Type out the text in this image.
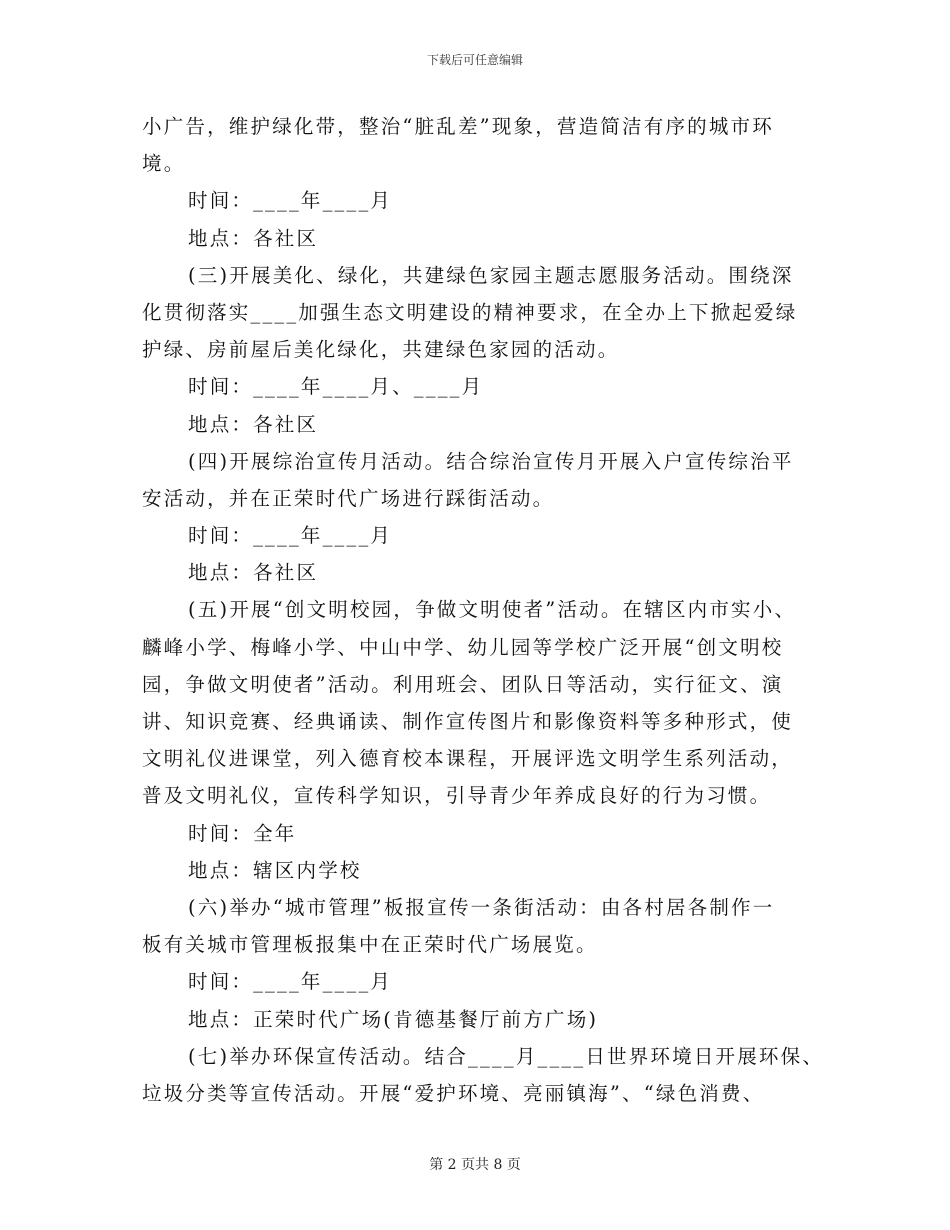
下载后可任意编辑
小广告，维护绿化带，整治“脏乱差”现象，营造简洁有序的城市环
境。
时间：____年____月
地点：各社区
(三)开展美化、绿化，共建绿色家园主题志愿服务活动。围绕深
化贯彻落实____加强生态文明建设的精神要求，在全办上下掀起爱绿
护绿、房前屋后美化绿化，共建绿色家园的活动。
时间：____年____月、____月
地点：各社区
(四)开展综治宣传月活动。结合综治宣传月开展入户宣传综治平
安活动，并在正荣时代广场进行踩街活动。
时间：____年____月
地点：各社区
(五)开展“创文明校园，争做文明使者”活动。在辖区内市实小、
麟峰小学、梅峰小学、中山中学、幼儿园等学校广泛开展“创文明校
园，争做文明使者”活动。利用班会、团队日等活动，实行征文、演
讲、知识竞赛、经典诵读、制作宣传图片和影像资料等多种形式，使
文明礼仪进课堂，列入德育校本课程，开展评选文明学生系列活动，
普及文明礼仪，宣传科学知识，引导青少年养成良好的行为习惯。
时间：全年
地点：辖区内学校
(六)举办“城市管理”板报宣传一条街活动：由各村居各制作一
板有关城市管理板报集中在正荣时代广场展览。
时间：____年____月
地点：正荣时代广场(肯德基餐厅前方广场)
(七)举办环保宣传活动。结合____月____日世界环境日开展环保、
垃圾分类等宣传活动。开展“爱护环境、亮丽镇海”、“绿色消费、
第 2 页共 8 页
